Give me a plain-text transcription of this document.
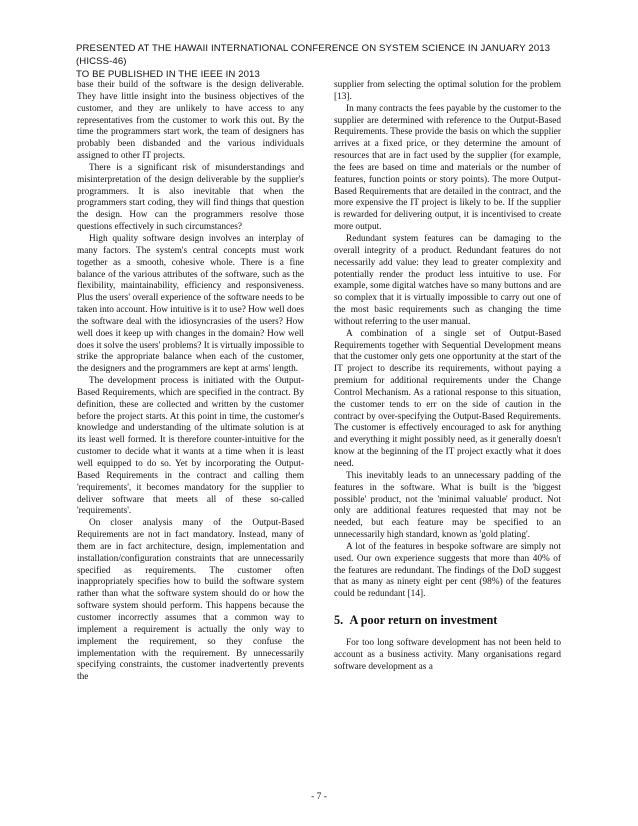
PRESENTED AT THE HAWAII INTERNATIONAL CONFERENCE ON SYSTEM SCIENCE IN JANUARY 2013 (HICSS-46)
TO BE PUBLISHED IN THE IEEE IN 2013

base their build of the software is the design deliverable. They have little insight into the business objectives of the customer, and they are unlikely to have access to any representatives from the customer to work this out. By the time the programmers start work, the team of designers has probably been disbanded and the various individuals assigned to other IT projects.

There is a significant risk of misunderstandings and misinterpretation of the design deliverable by the supplier's programmers. It is also inevitable that when the programmers start coding, they will find things that question the design. How can the programmers resolve those questions effectively in such circumstances?

High quality software design involves an interplay of many factors. The system's central concepts must work together as a smooth, cohesive whole. There is a fine balance of the various attributes of the software, such as the flexibility, maintainability, efficiency and responsiveness. Plus the users' overall experience of the software needs to be taken into account. How intuitive is it to use? How well does the software deal with the idiosyncrasies of the users? How well does it keep up with changes in the domain? How well does it solve the users' problems? It is virtually impossible to strike the appropriate balance when each of the customer, the designers and the programmers are kept at arms' length.

The development process is initiated with the Output-Based Requirements, which are specified in the contract. By definition, these are collected and written by the customer before the project starts. At this point in time, the customer's knowledge and understanding of the ultimate solution is at its least well formed. It is therefore counter-intuitive for the customer to decide what it wants at a time when it is least well equipped to do so. Yet by incorporating the Output-Based Requirements in the contract and calling them 'requirements', it becomes mandatory for the supplier to deliver software that meets all of these so-called 'requirements'.

On closer analysis many of the Output-Based Requirements are not in fact mandatory. Instead, many of them are in fact architecture, design, implementation and installation/configuration constraints that are unnecessarily specified as requirements. The customer often inappropriately specifies how to build the software system rather than what the software system should do or how the software system should perform. This happens because the customer incorrectly assumes that a common way to implement a requirement is actually the only way to implement the requirement, so they confuse the implementation with the requirement. By unnecessarily specifying constraints, the customer inadvertently prevents the

supplier from selecting the optimal solution for the problem [13].

In many contracts the fees payable by the customer to the supplier are determined with reference to the Output-Based Requirements. These provide the basis on which the supplier arrives at a fixed price, or they determine the amount of resources that are in fact used by the supplier (for example, the fees are based on time and materials or the number of features, function points or story points). The more Output-Based Requirements that are detailed in the contract, and the more expensive the IT project is likely to be. If the supplier is rewarded for delivering output, it is incentivised to create more output.

Redundant system features can be damaging to the overall integrity of a product. Redundant features do not necessarily add value: they lead to greater complexity and potentially render the product less intuitive to use. For example, some digital watches have so many buttons and are so complex that it is virtually impossible to carry out one of the most basic requirements such as changing the time without referring to the user manual.

A combination of a single set of Output-Based Requirements together with Sequential Development means that the customer only gets one opportunity at the start of the IT project to describe its requirements, without paying a premium for additional requirements under the Change Control Mechanism. As a rational response to this situation, the customer tends to err on the side of caution in the contract by over-specifying the Output-Based Requirements. The customer is effectively encouraged to ask for anything and everything it might possibly need, as it generally doesn't know at the beginning of the IT project exactly what it does need.

This inevitably leads to an unnecessary padding of the features in the software. What is built is the 'biggest possible' product, not the 'minimal valuable' product. Not only are additional features requested that may not be needed, but each feature may be specified to an unnecessarily high standard, known as 'gold plating'.

A lot of the features in bespoke software are simply not used. Our own experience suggests that more than 40% of the features are redundant. The findings of the DoD suggest that as many as ninety eight per cent (98%) of the features could be redundant [14].

5. A poor return on investment

For too long software development has not been held to account as a business activity. Many organisations regard software development as a

- 7 -
